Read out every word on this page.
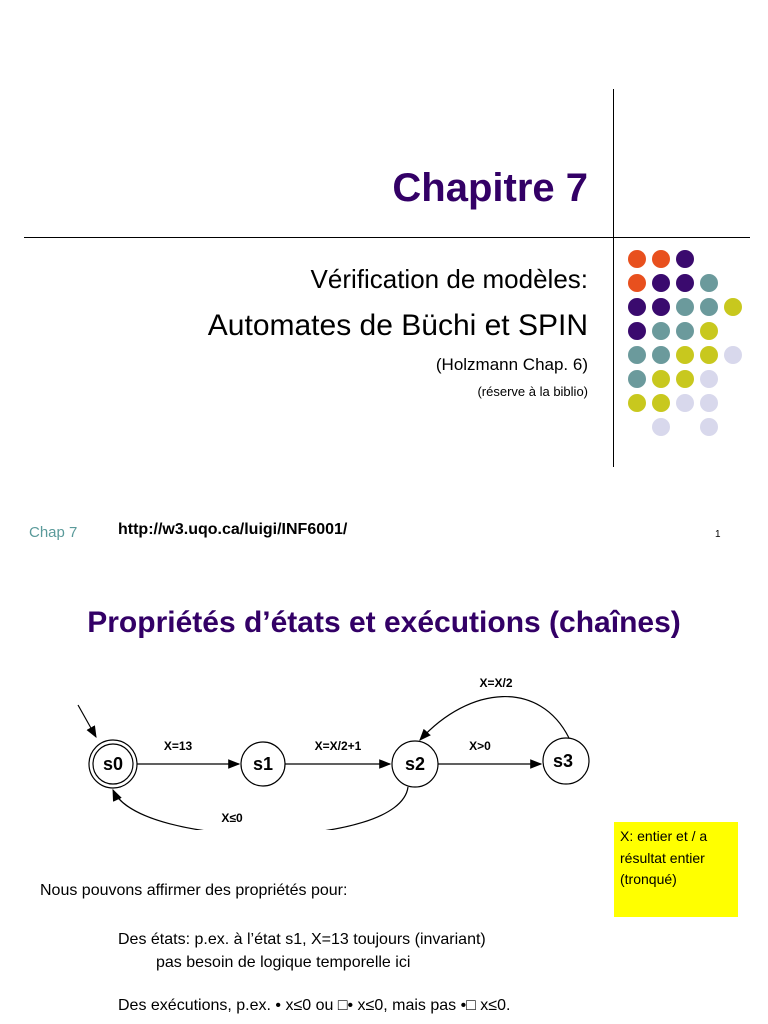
Chapitre 7
Vérification de modèles:
Automates de Büchi et SPIN
(Holzmann Chap. 6)
(réserve à la biblio)
Chap 7	http://w3.uqo.ca/luigi/INF6001/	1
Propriétés d’états et exécutions (chaînes)
s0	s1	s2	s3
X=13	X=X/2+1	X>0
X=X/2
X≤0
X: entier et / a résultat entier (tronqué)
Nous pouvons affirmer des propriétés pour:
Des états: p.ex. à l’état s1, X=13 toujours (invariant)
pas besoin de logique temporelle ici
Des exécutions, p.ex. • x≤0 ou □• x≤0, mais pas •□ x≤0.
